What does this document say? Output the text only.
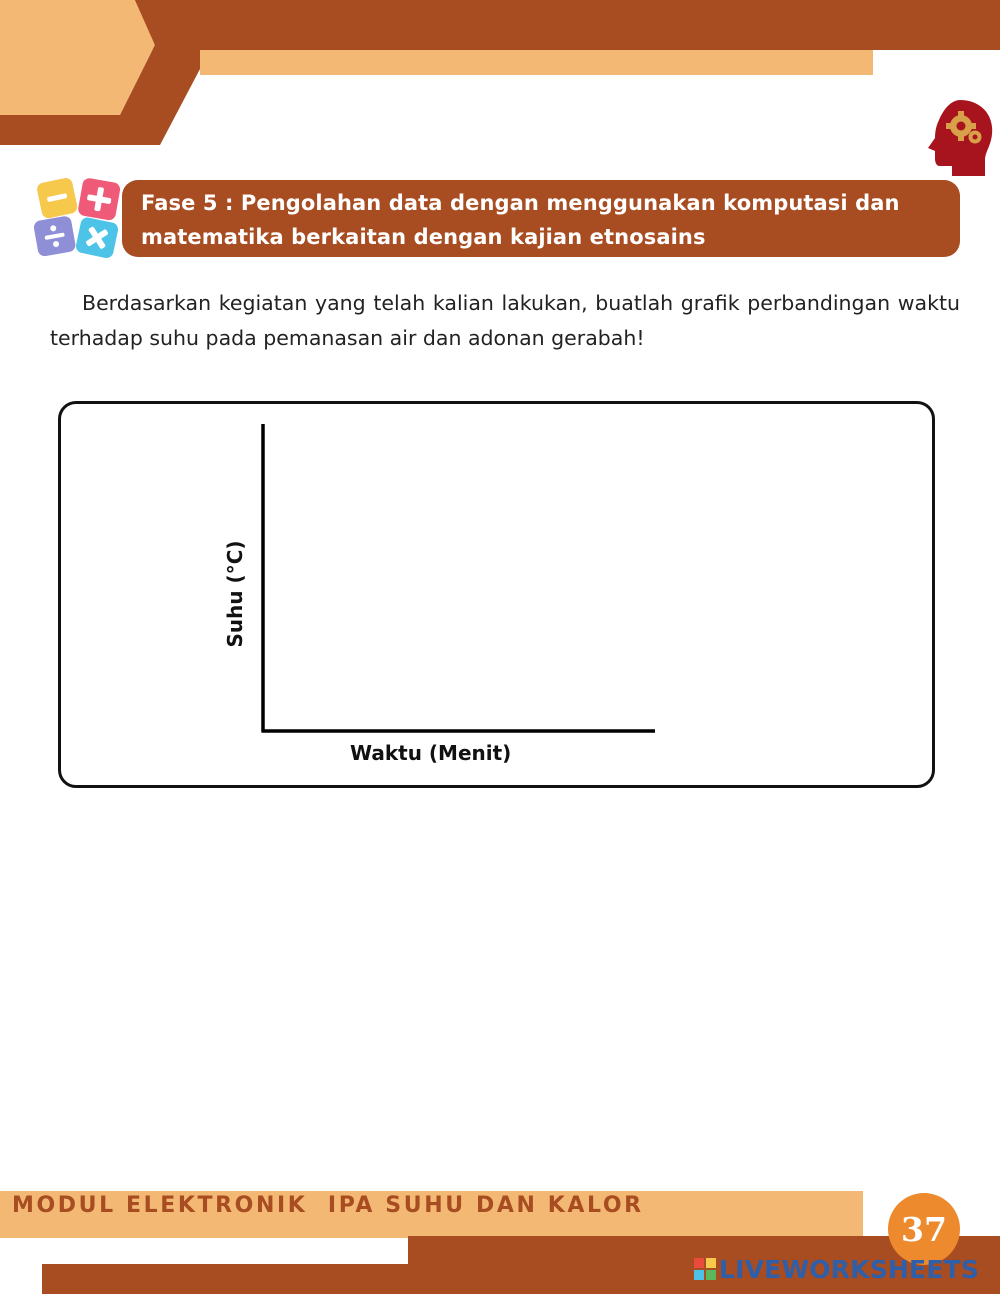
Fase 5 : Pengolahan data dengan menggunakan komputasi dan matematika berkaitan dengan kajian etnosains
Berdasarkan kegiatan yang telah kalian lakukan, buatlah grafik perbandingan waktu terhadap suhu pada pemanasan air dan adonan gerabah!
Suhu (°C)
Waktu (Menit)
MODUL ELEKTRONIK  IPA SUHU DAN KALOR
37
LIVEWORKSHEETS
